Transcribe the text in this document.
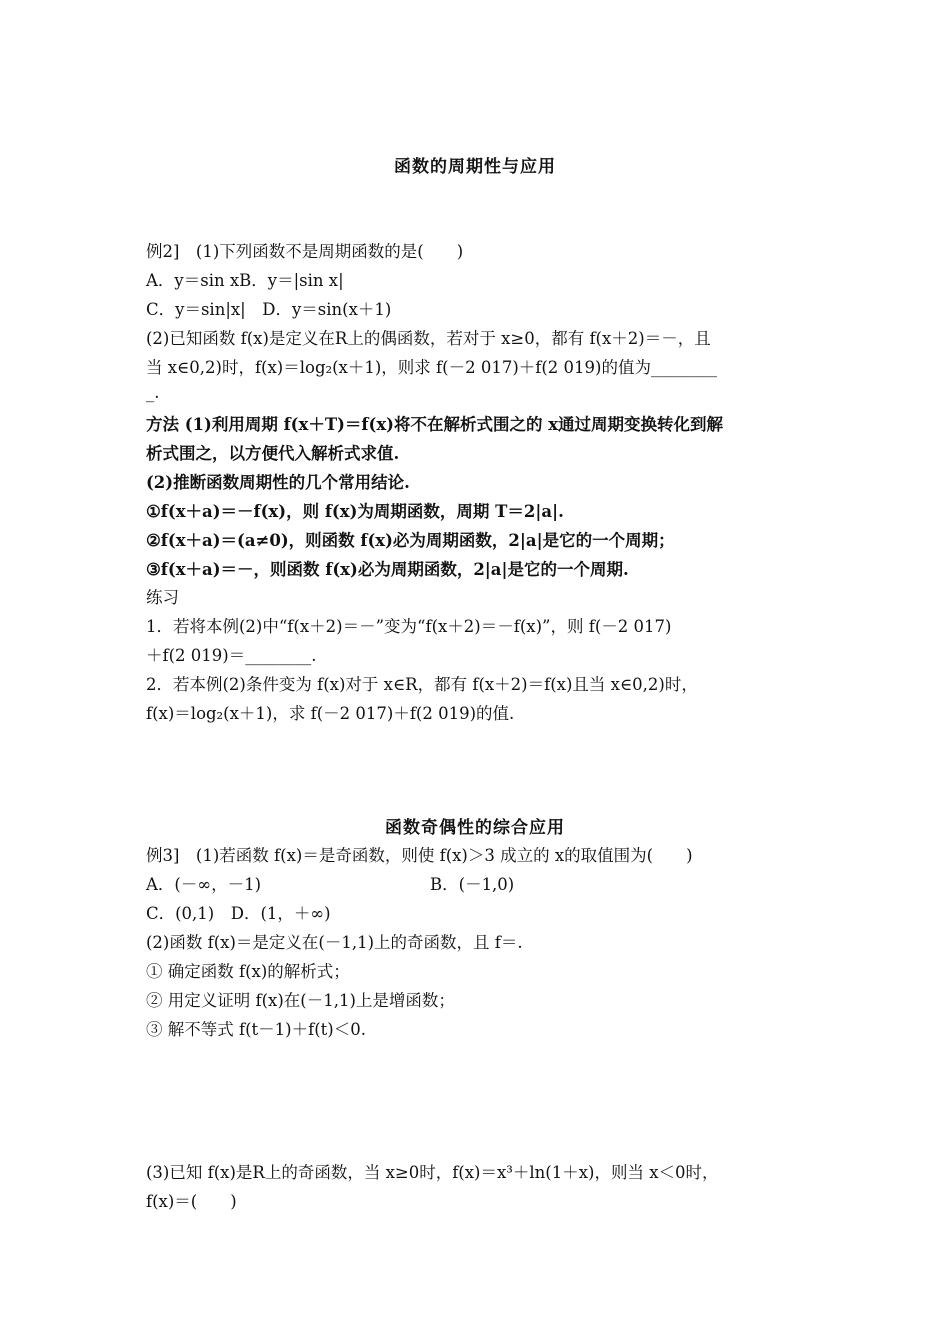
函数的周期性与应用
例2]　(1)下列函数不是周期函数的是(　　)
A．y＝sin xB．y＝|sin x|
C．y＝sin|x|　D．y＝sin(x＋1)
(2)已知函数 f(x)是定义在R上的偶函数，若对于 x≥0，都有 f(x＋2)＝－，且
当 x∈0,2)时，f(x)＝log₂(x＋1)，则求 f(－2 017)＋f(2 019)的值为________
_.
方法 (1)利用周期 f(x＋T)＝f(x)将不在解析式围之的 x通过周期变换转化到解
析式围之，以方便代入解析式求值.
(2)推断函数周期性的几个常用结论.
①f(x＋a)＝－f(x)，则 f(x)为周期函数，周期 T＝2|a|.
②f(x＋a)＝(a≠0)，则函数 f(x)必为周期函数，2|a|是它的一个周期；
③f(x＋a)＝－，则函数 f(x)必为周期函数，2|a|是它的一个周期.
练习
1．若将本例(2)中“f(x＋2)＝－”变为“f(x＋2)＝－f(x)”，则 f(－2 017)
＋f(2 019)＝________.
2．若本例(2)条件变为 f(x)对于 x∈R，都有 f(x＋2)＝f(x)且当 x∈0,2)时，
f(x)＝log₂(x＋1)，求 f(－2 017)＋f(2 019)的值.
函数奇偶性的综合应用
例3]　(1)若函数 f(x)＝是奇函数，则使 f(x)＞3 成立的 x的取值围为(　　)
A．(－∞，－1)	B．(－1,0)
C．(0,1)　D．(1，＋∞)
(2)函数 f(x)＝是定义在(－1,1)上的奇函数，且 f＝.
① 确定函数 f(x)的解析式；
② 用定义证明 f(x)在(－1,1)上是增函数；
③ 解不等式 f(t－1)＋f(t)＜0.
(3)已知 f(x)是R上的奇函数，当 x≥0时，f(x)＝x³＋ln(1＋x)，则当 x＜0时，
f(x)＝(　　)
